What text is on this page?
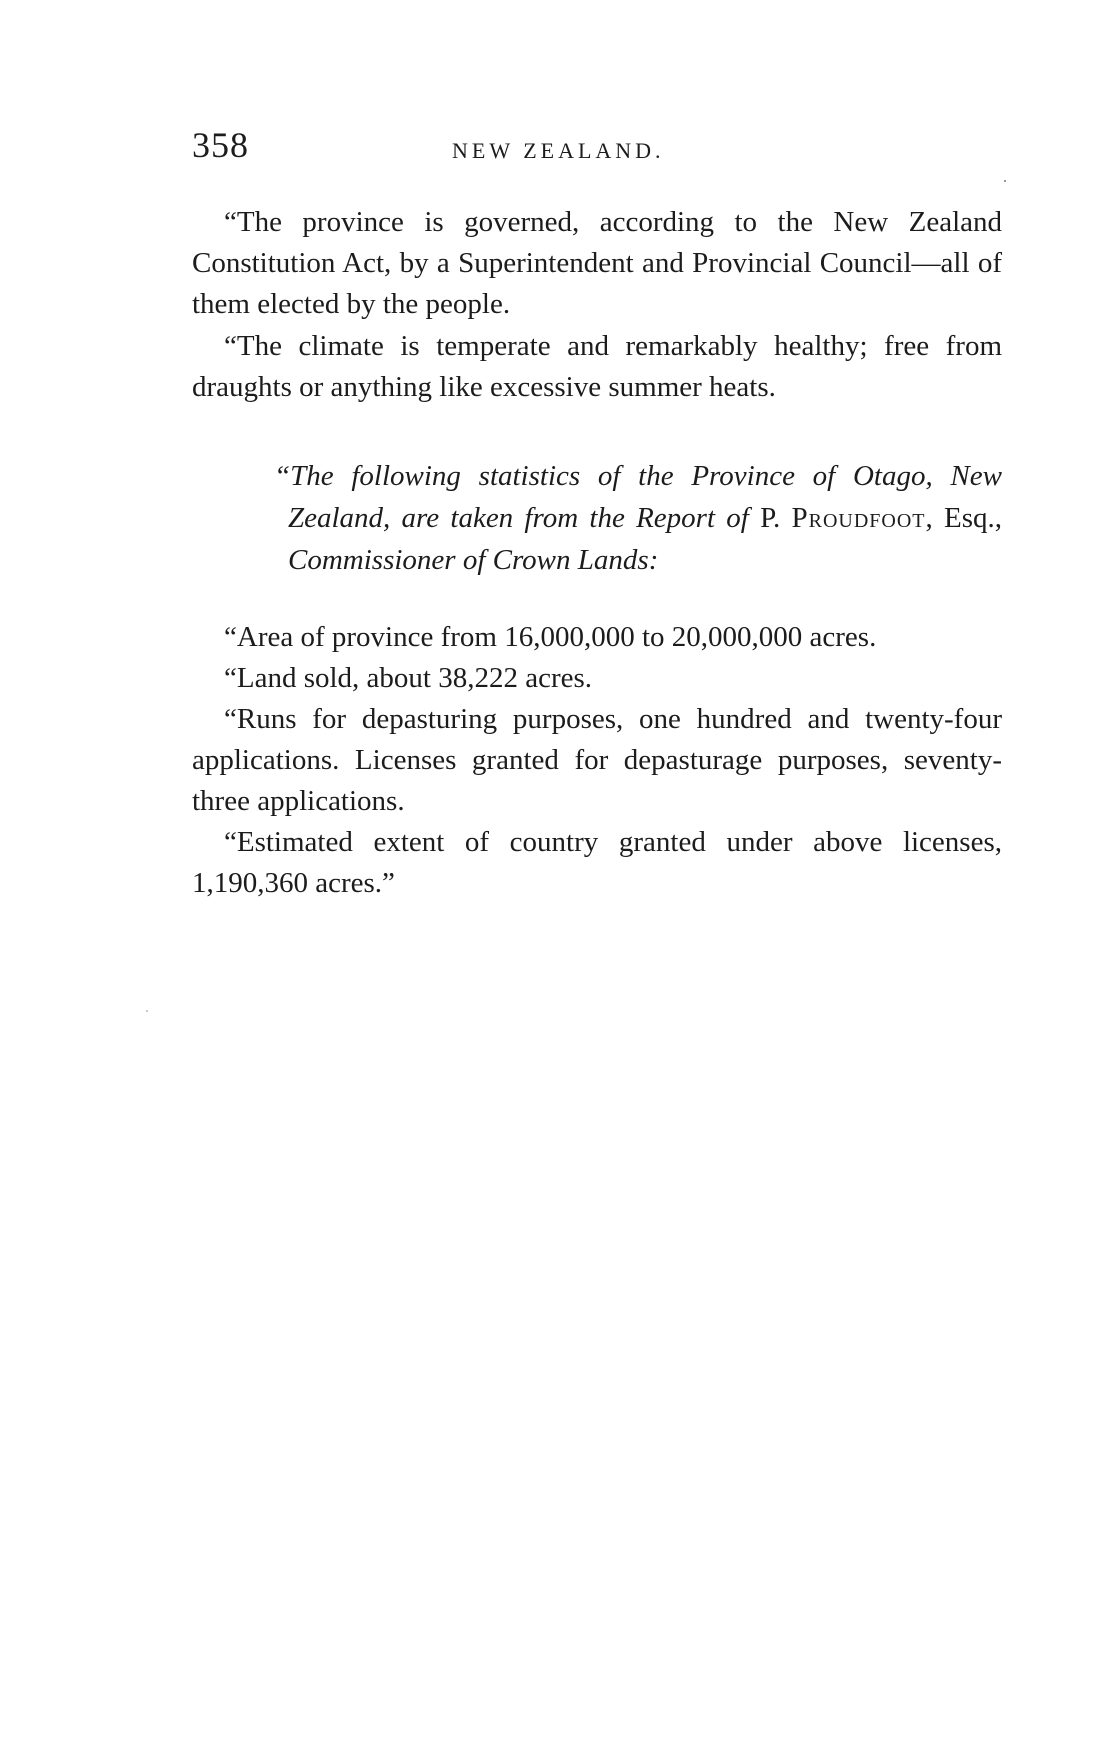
358	NEW ZEALAND.

“The province is governed, according to the New Zealand Constitution Act, by a Superintendent and Provincial Council—all of them elected by the people.

“The climate is temperate and remarkably healthy; free from draughts or anything like excessive summer heats.

“The following statistics of the Province of Otago, New Zealand, are taken from the Report of P. Proudfoot, Esq., Commissioner of Crown Lands:

“Area of province from 16,000,000 to 20,000,000 acres.

“Land sold, about 38,222 acres.

“Runs for depasturing purposes, one hundred and twenty-four applications. Licenses granted for depasturage purposes, seventy-three applications.

“Estimated extent of country granted under above licenses, 1,190,360 acres.”
